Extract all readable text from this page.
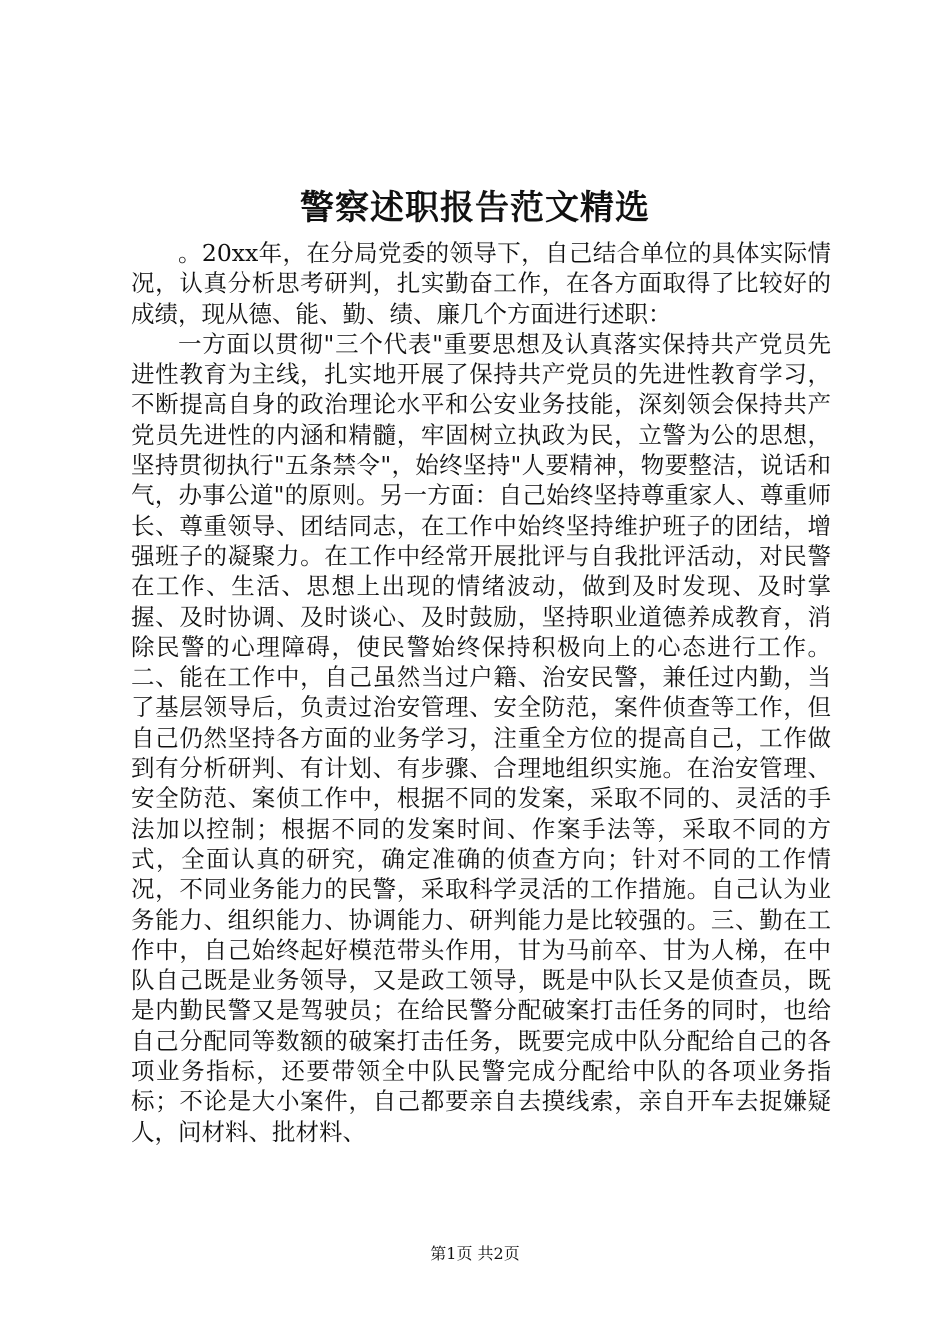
警察述职报告范文精选

。20xx年，在分局党委的领导下，自己结合单位的具体实际情况，认真分析思考研判，扎实勤奋工作，在各方面取得了比较好的成绩，现从德、能、勤、绩、廉几个方面进行述职：

一方面以贯彻"三个代表"重要思想及认真落实保持共产党员先进性教育为主线，扎实地开展了保持共产党员的先进性教育学习，不断提高自身的政治理论水平和公安业务技能，深刻领会保持共产党员先进性的内涵和精髓，牢固树立执政为民，立警为公的思想，坚持贯彻执行"五条禁令"，始终坚持"人要精神，物要整洁，说话和气，办事公道"的原则。另一方面：自己始终坚持尊重家人、尊重师长、尊重领导、团结同志，在工作中始终坚持维护班子的团结，增强班子的凝聚力。在工作中经常开展批评与自我批评活动，对民警在工作、生活、思想上出现的情绪波动，做到及时发现、及时掌握、及时协调、及时谈心、及时鼓励，坚持职业道德养成教育，消除民警的心理障碍，使民警始终保持积极向上的心态进行工作。二、能在工作中，自己虽然当过户籍、治安民警，兼任过内勤，当了基层领导后，负责过治安管理、安全防范，案件侦查等工作，但自己仍然坚持各方面的业务学习，注重全方位的提高自己，工作做到有分析研判、有计划、有步骤、合理地组织实施。在治安管理、安全防范、案侦工作中，根据不同的发案，采取不同的、灵活的手法加以控制；根据不同的发案时间、作案手法等，采取不同的方式，全面认真的研究，确定准确的侦查方向；针对不同的工作情况，不同业务能力的民警，采取科学灵活的工作措施。自己认为业务能力、组织能力、协调能力、研判能力是比较强的。三、勤在工作中，自己始终起好模范带头作用，甘为马前卒、甘为人梯，在中队自己既是业务领导，又是政工领导，既是中队长又是侦查员，既是内勤民警又是驾驶员；在给民警分配破案打击任务的同时，也给自己分配同等数额的破案打击任务，既要完成中队分配给自己的各项业务指标，还要带领全中队民警完成分配给中队的各项业务指标；不论是大小案件，自己都要亲自去摸线索，亲自开车去捉嫌疑人，问材料、批材料、

第1页 共2页
